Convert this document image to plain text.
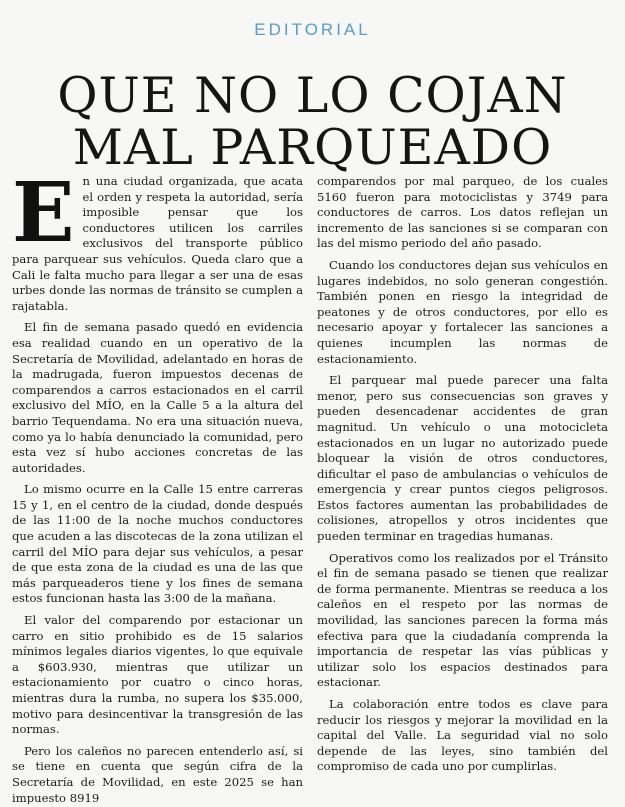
EDITORIAL
QUE NO LO COJAN
MAL PARQUEADO

En una ciudad organizada, que acata el orden y respeta la autoridad, sería imposible pensar que los conductores utilicen los carriles exclusivos del transporte público para parquear sus vehículos. Queda claro que a Cali le falta mucho para llegar a ser una de esas urbes donde las normas de tránsito se cumplen a rajatabla.

El fin de semana pasado quedó en evidencia esa realidad cuando en un operativo de la Secretaría de Movilidad, adelantado en horas de la madrugada, fueron impuestos decenas de comparendos a carros estacionados en el carril exclusivo del MÍO, en la Calle 5 a la altura del barrio Tequendama. No era una situación nueva, como ya lo había denunciado la comunidad, pero esta vez sí hubo acciones concretas de las autoridades.

Lo mismo ocurre en la Calle 15 entre carreras 15 y 1, en el centro de la ciudad, donde después de las 11:00 de la noche muchos conductores que acuden a las discotecas de la zona utilizan el carril del MÍO para dejar sus vehículos, a pesar de que esta zona de la ciudad es una de las que más parqueaderos tiene y los fines de semana estos funcionan hasta las 3:00 de la mañana.

El valor del comparendo por estacionar un carro en sitio prohibido es de 15 salarios mínimos legales diarios vigentes, lo que equivale a $603.930, mientras que utilizar un estacionamiento por cuatro o cinco horas, mientras dura la rumba, no supera los $35.000, motivo para desincentivar la transgresión de las normas.

Pero los caleños no parecen entenderlo así, si se tiene en cuenta que según cifra de la Secretaría de Movilidad, en este 2025 se han impuesto 8919

comparendos por mal parqueo, de los cuales 5160 fueron para motociclistas y 3749 para conductores de carros. Los datos reflejan un incremento de las sanciones si se comparan con las del mismo periodo del año pasado.

Cuando los conductores dejan sus vehículos en lugares indebidos, no solo generan congestión. También ponen en riesgo la integridad de peatones y de otros conductores, por ello es necesario apoyar y fortalecer las sanciones a quienes incumplen las normas de estacionamiento.

El parquear mal puede parecer una falta menor, pero sus consecuencias son graves y pueden desencadenar accidentes de gran magnitud. Un vehículo o una motocicleta estacionados en un lugar no autorizado puede bloquear la visión de otros conductores, dificultar el paso de ambulancias o vehículos de emergencia y crear puntos ciegos peligrosos. Estos factores aumentan las probabilidades de colisiones, atropellos y otros incidentes que pueden terminar en tragedias humanas.

Operativos como los realizados por el Tránsito el fin de semana pasado se tienen que realizar de forma permanente. Mientras se reeduca a los caleños en el respeto por las normas de movilidad, las sanciones parecen la forma más efectiva para que la ciudadanía comprenda la importancia de respetar las vías públicas y utilizar solo los espacios destinados para estacionar.

La colaboración entre todos es clave para reducir los riesgos y mejorar la movilidad en la capital del Valle. La seguridad vial no solo depende de las leyes, sino también del compromiso de cada uno por cumplirlas.
